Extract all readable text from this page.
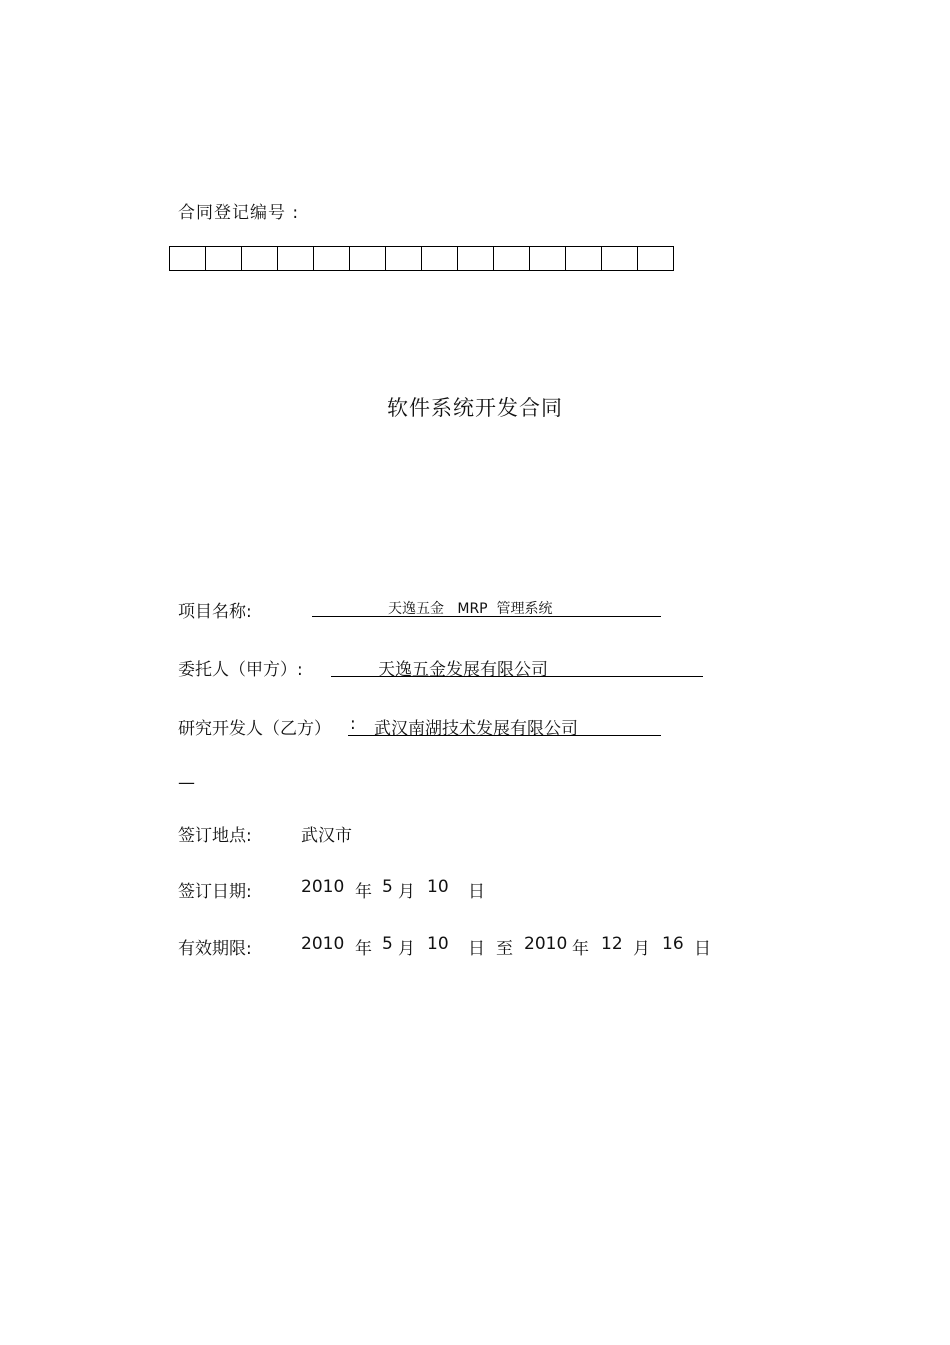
合同登记编号 :
软件系统开发合同
项目名称:	天逸五金 MRP 管理系统
委托人（甲方）:	天逸五金发展有限公司
研究开发人（乙方） : 武汉南湖技术发展有限公司
—
签订地点:	武汉市
签订日期:	2010 年 5 月 10 日
有效期限:	2010 年 5 月 10 日 至 2010 年 12 月 16 日
